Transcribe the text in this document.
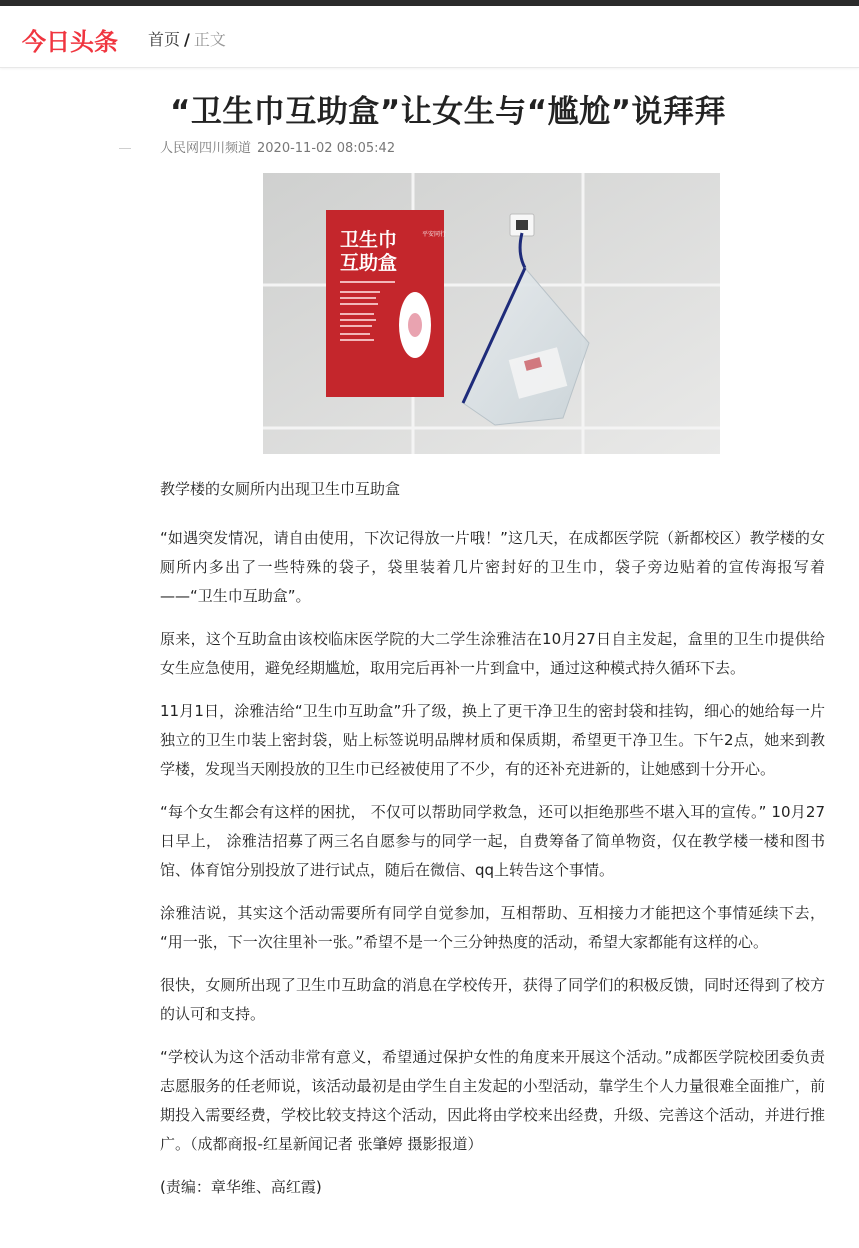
今日头条 首页 / 正文
“卫生巾互助盒”让女生与“尴尬”说拜拜
人民网四川频道 2020-11-02 08:05:42
卫生巾
互助盒
平安同行

教学楼的女厕所内出现卫生巾互助盒

“如遇突发情况，请自由使用，下次记得放一片哦！”这几天，在成都医学院（新都校区）教学楼的女厕所内多出了一些特殊的袋子，袋里装着几片密封好的卫生巾，袋子旁边贴着的宣传海报写着——“卫生巾互助盒”。

原来，这个互助盒由该校临床医学院的大二学生涂雅洁在10月27日自主发起，盒里的卫生巾提供给女生应急使用，避免经期尴尬，取用完后再补一片到盒中，通过这种模式持久循环下去。

11月1日，涂雅洁给“卫生巾互助盒”升了级，换上了更干净卫生的密封袋和挂钩，细心的她给每一片独立的卫生巾装上密封袋，贴上标签说明品牌材质和保质期，希望更干净卫生。下午2点，她来到教学楼，发现当天刚投放的卫生巾已经被使用了不少，有的还补充进新的，让她感到十分开心。

“每个女生都会有这样的困扰， 不仅可以帮助同学救急，还可以拒绝那些不堪入耳的宣传。” 10月27日早上， 涂雅洁招募了两三名自愿参与的同学一起，自费筹备了简单物资，仅在教学楼一楼和图书馆、体育馆分别投放了进行试点，随后在微信、qq上转告这个事情。

涂雅洁说，其实这个活动需要所有同学自觉参加，互相帮助、互相接力才能把这个事情延续下去， “用一张，下一次往里补一张。”希望不是一个三分钟热度的活动，希望大家都能有这样的心。

很快，女厕所出现了卫生巾互助盒的消息在学校传开，获得了同学们的积极反馈，同时还得到了校方的认可和支持。

“学校认为这个活动非常有意义，希望通过保护女性的角度来开展这个活动。”成都医学院校团委负责志愿服务的任老师说，该活动最初是由学生自主发起的小型活动，靠学生个人力量很难全面推广，前期投入需要经费，学校比较支持这个活动，因此将由学校来出经费，升级、完善这个活动，并进行推广。（成都商报-红星新闻记者 张肇婷 摄影报道）

(责编：章华维、高红霞)
